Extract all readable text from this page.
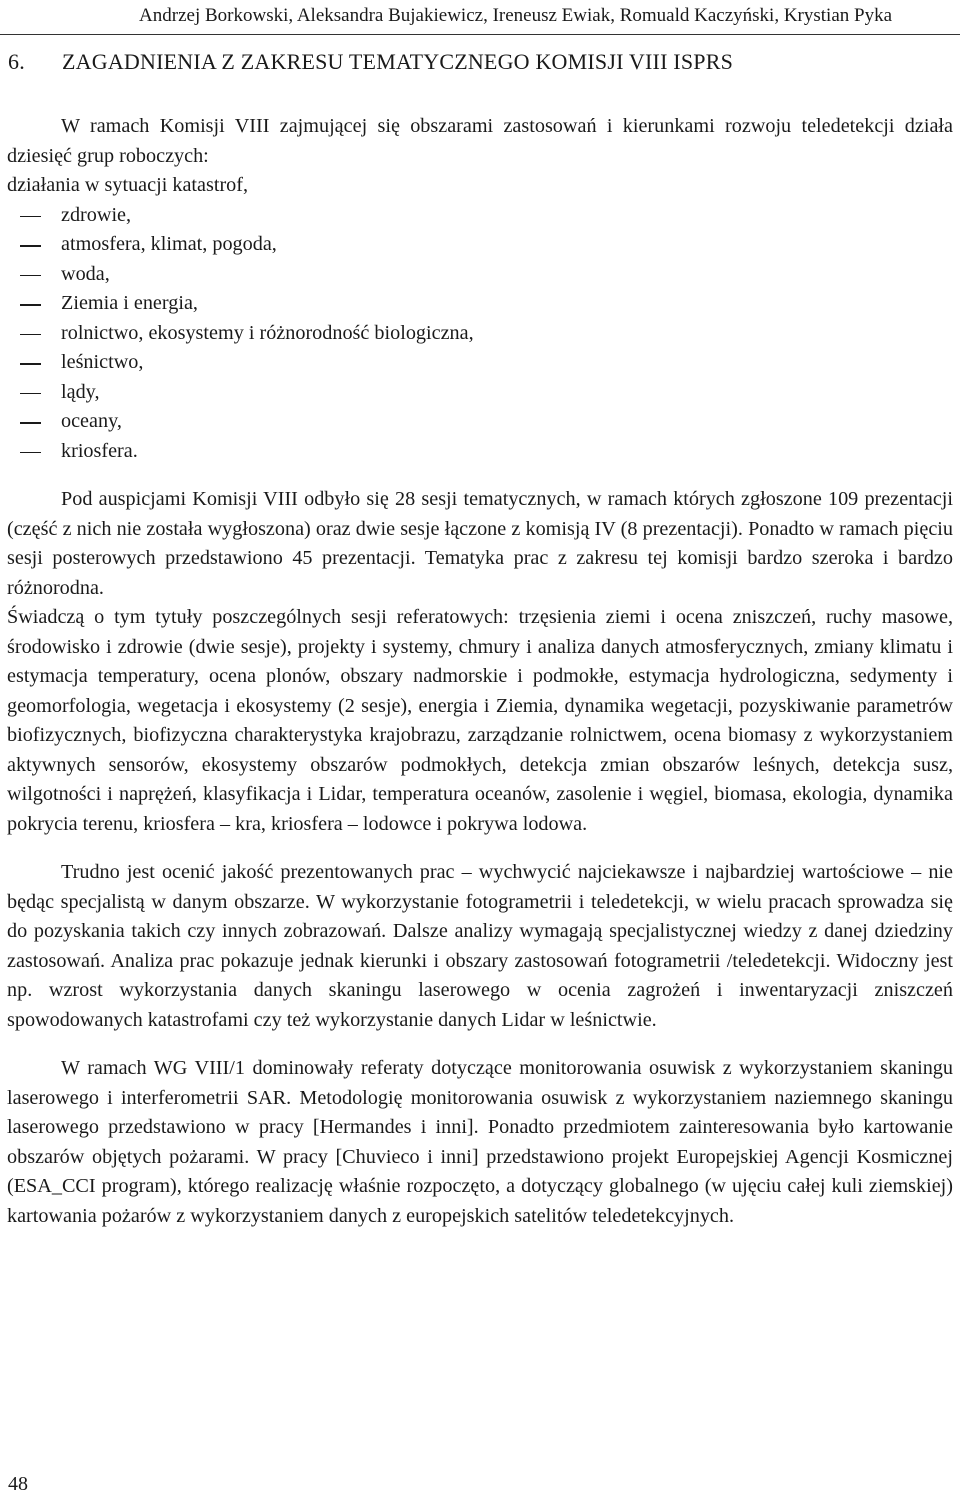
Andrzej Borkowski, Aleksandra Bujakiewicz, Ireneusz Ewiak, Romuald Kaczyński, Krystian Pyka
6. ZAGADNIENIA Z ZAKRESU TEMATYCZNEGO KOMISJI VIII ISPRS

W ramach Komisji VIII zajmującej się obszarami zastosowań i kierunkami rozwoju teledetekcji działa dziesięć grup roboczych:

działania w sytuacji katastrof,

zdrowie,
atmosfera, klimat, pogoda,
woda,
Ziemia i energia,
rolnictwo, ekosystemy i różnorodność biologiczna,
leśnictwo,
lądy,
oceany,
kriosfera.

Pod auspicjami Komisji VIII odbyło się 28 sesji tematycznych, w ramach których zgłoszone 109 prezentacji (część z nich nie została wygłoszona) oraz dwie sesje łączone z komisją IV (8 prezentacji). Ponadto w ramach pięciu sesji posterowych przedstawiono 45 prezentacji. Tematyka prac z zakresu tej komisji bardzo szeroka i bardzo różnorodna.

Świadczą o tym tytuły poszczególnych sesji referatowych: trzęsienia ziemi i ocena zniszczeń, ruchy masowe, środowisko i zdrowie (dwie sesje), projekty i systemy, chmury i analiza danych atmosferycznych, zmiany klimatu i estymacja temperatury, ocena plonów, obszary nadmorskie i podmokłe, estymacja hydrologiczna, sedymenty i geomorfologia, wegetacja i ekosystemy (2 sesje), energia i Ziemia, dynamika wegetacji, pozyskiwanie parametrów biofizycznych, biofizyczna charakterystyka krajobrazu, zarządzanie rolnictwem, ocena biomasy z wykorzystaniem aktywnych sensorów, ekosystemy obszarów podmokłych, detekcja zmian obszarów leśnych, detekcja susz, wilgotności i naprężeń, klasyfikacja i Lidar, temperatura oceanów, zasolenie i węgiel, biomasa, ekologia, dynamika pokrycia terenu, kriosfera – kra, kriosfera – lodowce i pokrywa lodowa.

Trudno jest ocenić jakość prezentowanych prac – wychwycić najciekawsze i najbardziej wartościowe – nie będąc specjalistą w danym obszarze. W wykorzystanie fotogrametrii i teledetekcji, w wielu pracach sprowadza się do pozyskania takich czy innych zobrazowań. Dalsze analizy wymagają specjalistycznej wiedzy z danej dziedziny zastosowań. Analiza prac pokazuje jednak kierunki i obszary zastosowań fotogrametrii /teledetekcji. Widoczny jest np. wzrost wykorzystania danych skaningu laserowego w ocenia zagrożeń i inwentaryzacji zniszczeń spowodowanych katastrofami czy też wykorzystanie danych Lidar w leśnictwie.

W ramach WG VIII/1 dominowały referaty dotyczące monitorowania osuwisk z wykorzystaniem skaningu laserowego i interferometrii SAR. Metodologię monitorowania osuwisk z wykorzystaniem naziemnego skaningu laserowego przedstawiono w pracy [Hermandes i inni]. Ponadto przedmiotem zainteresowania było kartowanie obszarów objętych pożarami. W pracy [Chuvieco i inni] przedstawiono projekt Europejskiej Agencji Kosmicznej (ESA_CCI program), którego realizację właśnie rozpoczęto, a dotyczący globalnego (w ujęciu całej kuli ziemskiej) kartowania pożarów z wykorzystaniem danych z europejskich satelitów teledetekcyjnych.

48
